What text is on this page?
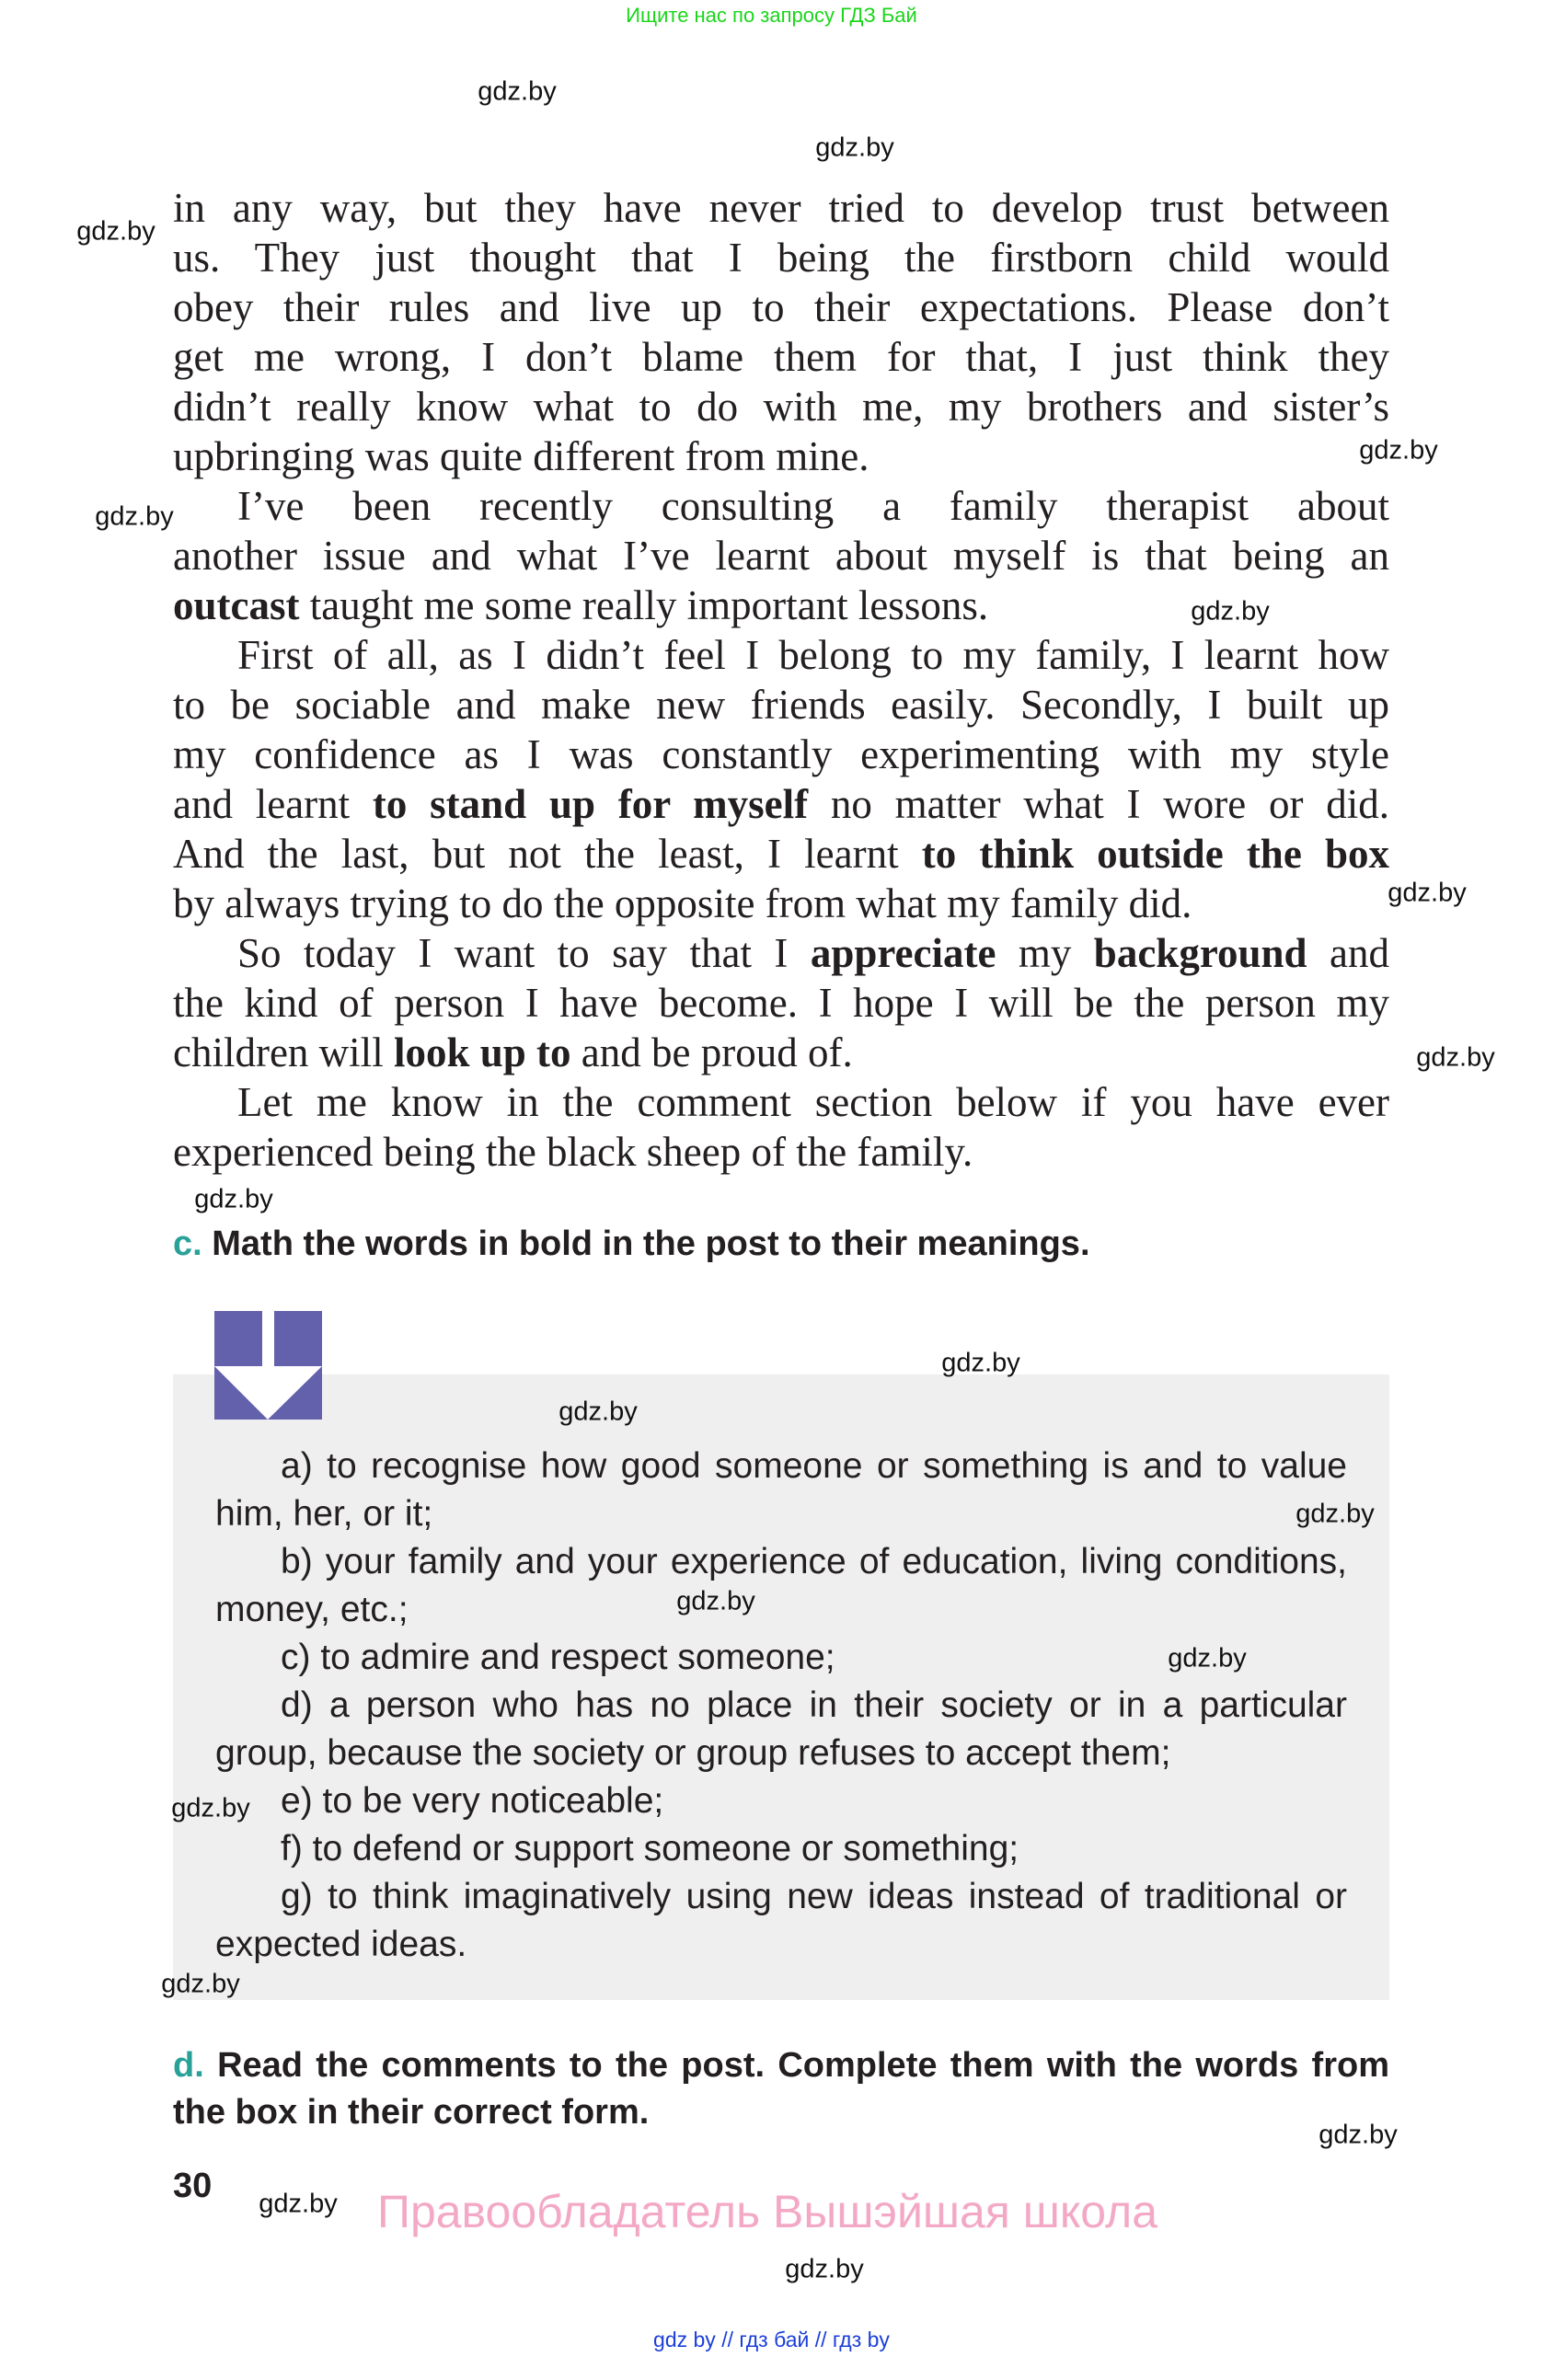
Ищите нас по запросу ГДЗ Бай
in any way, but they have never tried to develop trust between
us. They just thought that I being the firstborn child would
obey their rules and live up to their expectations. Please don’t
get me wrong, I don’t blame them for that, I just think they
didn’t really know what to do with me, my brothers and sister’s
upbringing was quite different from mine.
I’ve been recently consulting a family therapist about
another issue and what I’ve learnt about myself is that being an
outcast taught me some really important lessons.
First of all, as I didn’t feel I belong to my family, I learnt how
to be sociable and make new friends easily. Secondly, I built up
my confidence as I was constantly experimenting with my style
and learnt to stand up for myself no matter what I wore or did.
And the last, but not the least, I learnt to think outside the box
by always trying to do the opposite from what my family did.
So today I want to say that I appreciate my background and
the kind of person I have become. I hope I will be the person my
children will look up to and be proud of.
Let me know in the comment section below if you have ever
experienced being the black sheep of the family.
c. Math the words in bold in the post to their meanings.

a) to recognise how good someone or something is and to value him, her, or it;

b) your family and your experience of education, living conditions, money, etc.;

c) to admire and respect someone;

d) a person who has no place in their society or in a particular group, because the society or group refuses to accept them;

e) to be very noticeable;

f) to defend or support someone or something;

g) to think imaginatively using new ideas instead of traditional or expected ideas.

d. Read the comments to the post. Complete them with the words from the box in their correct form.
30	Правообладатель Вышэйшая школа
gdz by // гдз бай // гдз by
gdz.by
gdz.by
gdz.by
gdz.by
gdz.by
gdz.by
gdz.by
gdz.by
gdz.by
gdz.by
gdz.by
gdz.by
gdz.by
gdz.by
gdz.by
gdz.by
gdz.by
gdz.by
gdz.by
